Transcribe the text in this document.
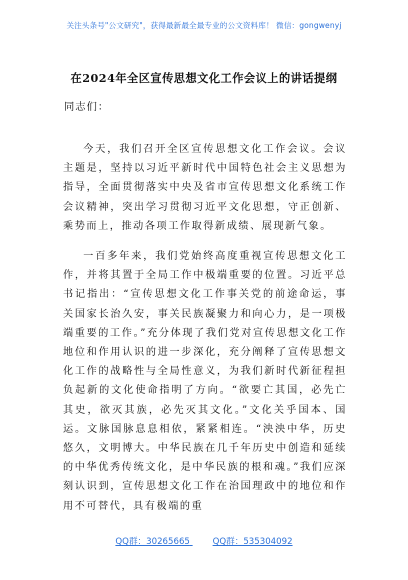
关注头条号"公文研究"，获得最新最全最专业的公文资料库！ 微信：gongwenyj
在2024年全区宣传思想文化工作会议上的讲话提纲
同志们：

今天，我们召开全区宣传思想文化工作会议。会议主题是，坚持以习近平新时代中国特色社会主义思想为指导，全面贯彻落实中央及省市宣传思想文化系统工作会议精神，突出学习贯彻习近平文化思想，守正创新、乘势而上，推动各项工作取得新成绩、展现新气象。

一百多年来，我们党始终高度重视宣传思想文化工作，并将其置于全局工作中极端重要的位置。习近平总书记指出：“宣传思想文化工作事关党的前途命运，事关国家长治久安，事关民族凝聚力和向心力，是一项极端重要的工作。”充分体现了我们党对宣传思想文化工作地位和作用认识的进一步深化，充分阐释了宣传思想文化工作的战略性与全局性意义，为我们新时代新征程担负起新的文化使命指明了方向。“欲要亡其国，必先亡其史，欲灭其族，必先灭其文化。”文化关乎国本、国运。文脉国脉息息相依，紧紧相连。“泱泱中华，历史悠久，文明博大。中华民族在几千年历史中创造和延续的中华优秀传统文化，是中华民族的根和魂。”我们应深刻认识到，宣传思想文化工作在治国理政中的地位和作用不可替代，具有极端的重

QQ群：30265665	QQ群：535304092
